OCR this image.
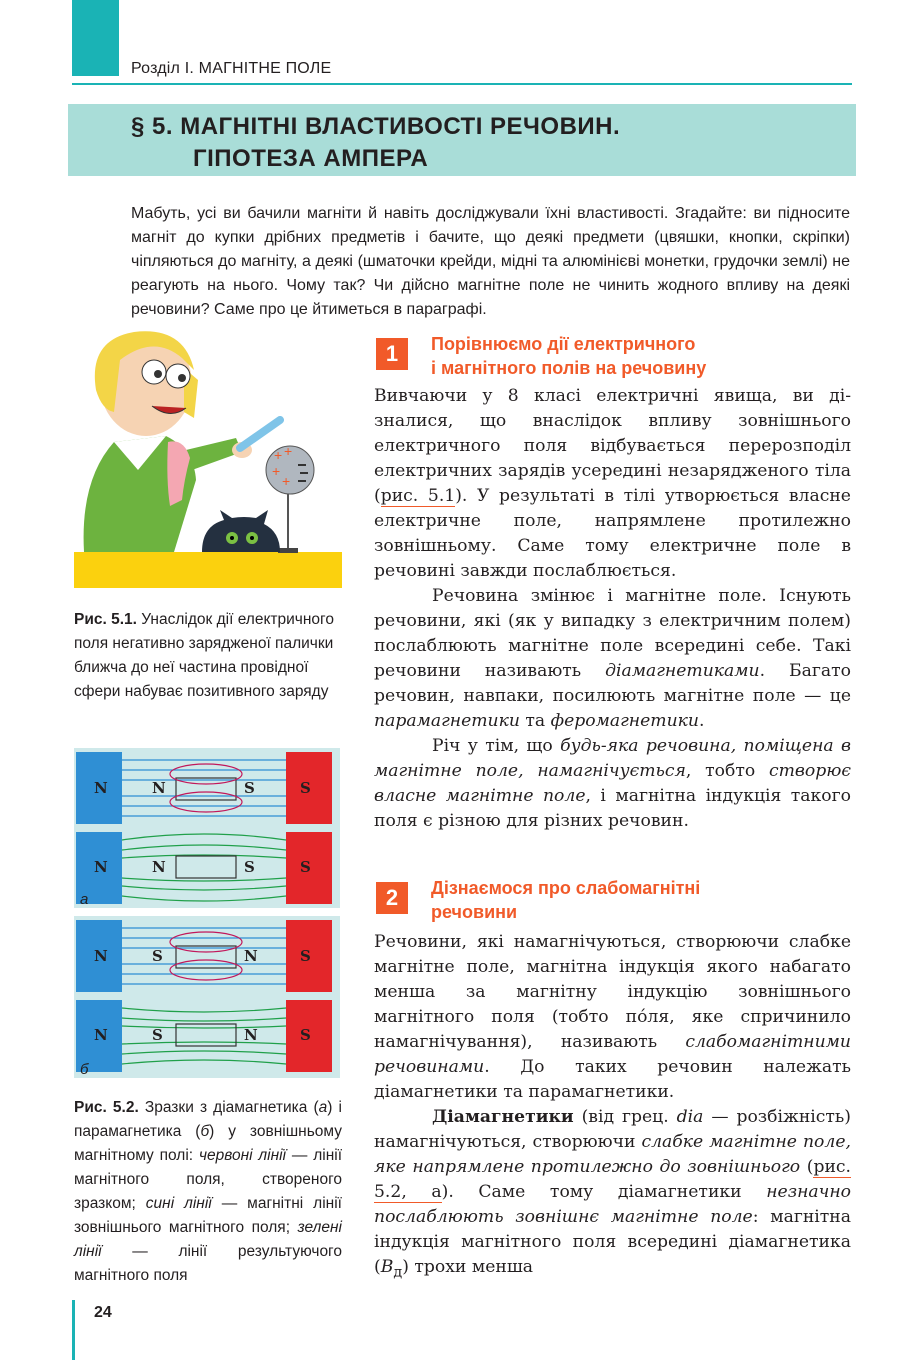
Розділ І. МАГНІТНЕ ПОЛЕ
§ 5. МАГНІТНІ ВЛАСТИВОСТІ РЕЧОВИН.
ГІПОТЕЗА АМПЕРА
Мабуть, усі ви бачили магніти й навіть досліджували їхні властивості. Згадайте: ви підносите магніт до купки дрібних предметів і бачите, що деякі предмети (цвяшки, кнопки, скріпки) чіпляються до магніту, а деякі (шматочки крейди, мідні та алюмінієві монетки, грудочки землі) не реагують на нього. Чому так? Чи дійсно магнітне поле не чинить жодного впливу на деякі речовини? Саме про це йтиметься в параграфі.
+ +
+
+
Рис. 5.1. Унаслідок дії електричного поля негативно зарядженої палички ближча до неї частина провідної сфери набуває позитивного заряду
N	N	S	S
N	N	S	S
а
N	S	N	S
N	S	N	S
б
Рис. 5.2. Зразки з діамагнетика (а) і парамагнетика (б) у зовнішньому магнітному полі: червоні лінії — лінії магнітного поля, створеного зразком; сині лінії — магнітні лінії зовнішнього магнітного поля; зелені лінії — лінії результуючого магнітного поля
1	Порівнюємо дії електричного
і магнітного полів на речовину

Вивчаючи у 8 класі електричні явища, ви дізналися, що внаслідок впливу зовнішнього електричного поля відбувається перерозподіл електричних зарядів усередині незарядженого тіла (рис. 5.1). У результаті в тілі утворюється власне електричне поле, напрямлене протилежно зовнішньому. Саме тому електричне поле в речовині завжди послаблюється.

Речовина змінює і магнітне поле. Існують речовини, які (як у випадку з електричним полем) послаблюють магнітне поле всередині себе. Такі речовини називають діамагнетиками. Багато речовин, навпаки, посилюють магнітне поле — це парамагнетики та феромагнетики.

Річ у тім, що будь-яка речовина, поміщена в магнітне поле, намагнічується, тобто створює власне магнітне поле, і магнітна індукція такого поля є різною для різних речовин.

2	Дізнаємося про слабомагнітні
речовини

Речовини, які намагнічуються, створюючи слабке магнітне поле, магнітна індукція якого набагато менша за магнітну індукцію зовнішнього магнітного поля (тобто по́ля, яке спричинило намагнічування), називають слабомагнітними речовинами. До таких речовин належать діамагнетики та парамагнетики.

Діамагнетики (від грец. dia — розбіжність) намагнічуються, створюючи слабке магнітне поле, яке напрямлене протилежно до зовнішнього (рис. 5.2, а). Саме тому діамагнетики незначно послаблюють зовнішнє магнітне поле: магнітна індукція магнітного поля всередині діамагнетика $(B_д)$ трохи менша

24
